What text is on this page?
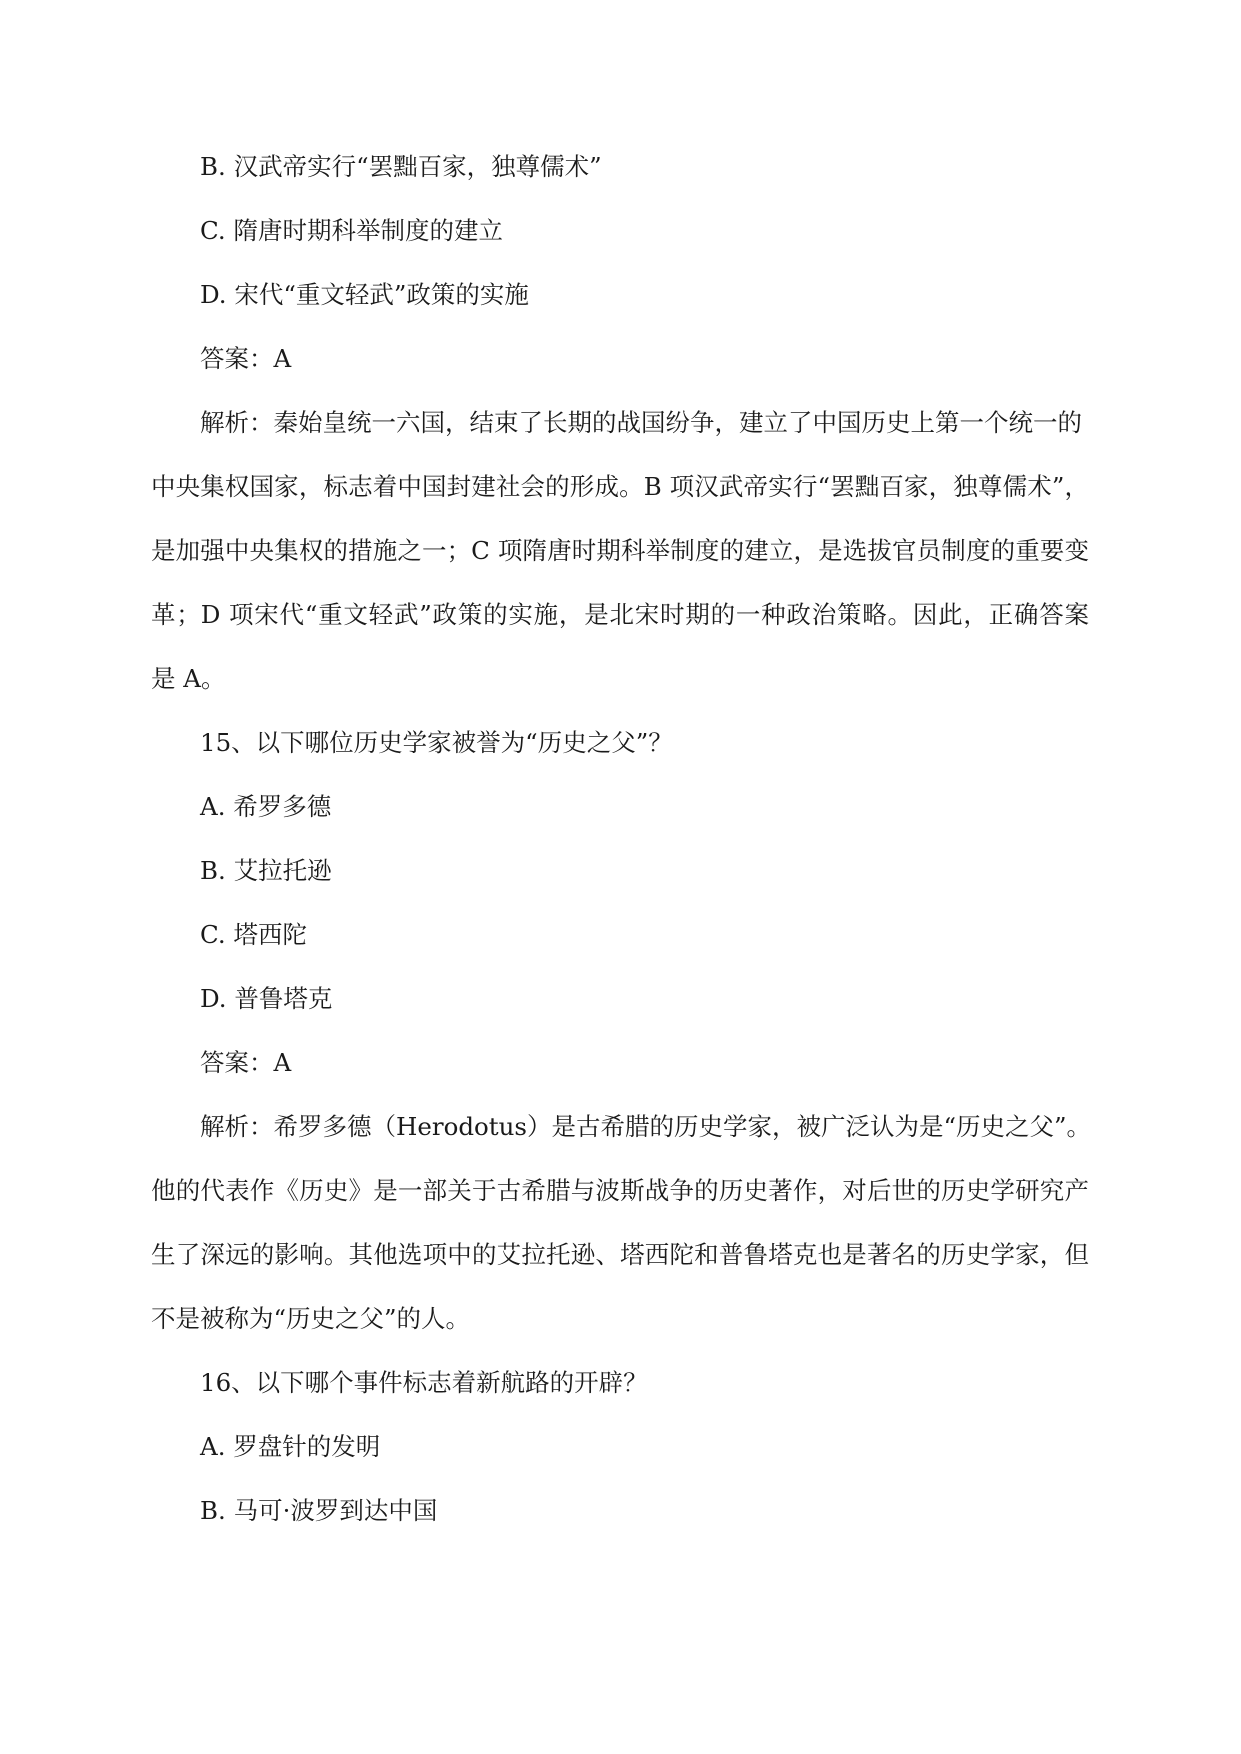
B. 汉武帝实行“罢黜百家，独尊儒术”
C. 隋唐时期科举制度的建立
D. 宋代“重文轻武”政策的实施
答案：A
解析：秦始皇统一六国，结束了长期的战国纷争，建立了中国历史上第一个统一的
中央集权国家，标志着中国封建社会的形成。B 项汉武帝实行“罢黜百家，独尊儒术”，
是加强中央集权的措施之一；C 项隋唐时期科举制度的建立，是选拔官员制度的重要变
革；D 项宋代“重文轻武”政策的实施，是北宋时期的一种政治策略。因此，正确答案
是 A。
15、以下哪位历史学家被誉为“历史之父”？
A. 希罗多德
B. 艾拉托逊
C. 塔西陀
D. 普鲁塔克
答案：A
解析：希罗多德（Herodotus）是古希腊的历史学家，被广泛认为是“历史之父”。
他的代表作《历史》是一部关于古希腊与波斯战争的历史著作，对后世的历史学研究产
生了深远的影响。其他选项中的艾拉托逊、塔西陀和普鲁塔克也是著名的历史学家，但
不是被称为“历史之父”的人。
16、以下哪个事件标志着新航路的开辟？
A. 罗盘针的发明
B. 马可·波罗到达中国
